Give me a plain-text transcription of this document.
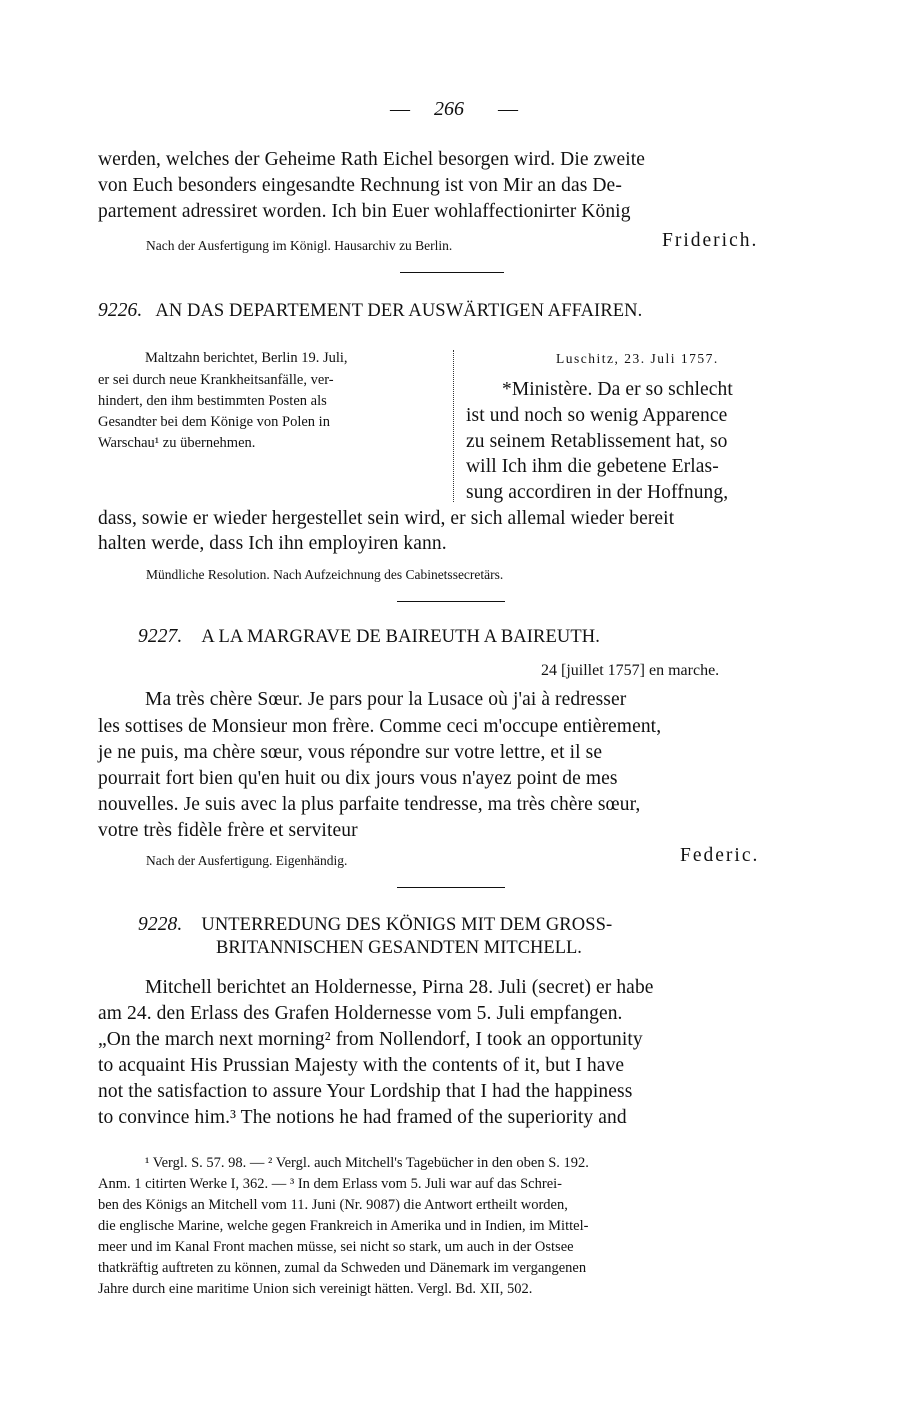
— 266 —
werden, welches der Geheime Rath Eichel besorgen wird. Die zweite
von Euch besonders eingesandte Rechnung ist von Mir an das De-
partement adressiret worden. Ich bin Euer wohlaffectionirter König
Nach der Ausfertigung im Königl. Hausarchiv zu Berlin.	Friderich.
9226. AN DAS DEPARTEMENT DER AUSWÄRTIGEN AFFAIREN.
Maltzahn berichtet, Berlin 19. Juli,
er sei durch neue Krankheitsanfälle, ver-
hindert, den ihm bestimmten Posten als
Gesandter bei dem Könige von Polen in
Warschau¹ zu übernehmen.
Luschitz, 23. Juli 1757.
*Ministère. Da er so schlecht
ist und noch so wenig Apparence
zu seinem Retablissement hat, so
will Ich ihm die gebetene Erlas-
sung accordiren in der Hoffnung,
dass, sowie er wieder hergestellet sein wird, er sich allemal wieder bereit
halten werde, dass Ich ihn employiren kann.
Mündliche Resolution. Nach Aufzeichnung des Cabinetssecretärs.
9227. A LA MARGRAVE DE BAIREUTH A BAIREUTH.
24 [juillet 1757] en marche.
Ma très chère Sœur. Je pars pour la Lusace où j'ai à redresser
les sottises de Monsieur mon frère. Comme ceci m'occupe entièrement,
je ne puis, ma chère sœur, vous répondre sur votre lettre, et il se
pourrait fort bien qu'en huit ou dix jours vous n'ayez point de mes
nouvelles. Je suis avec la plus parfaite tendresse, ma très chère sœur,
votre très fidèle frère et serviteur
Nach der Ausfertigung. Eigenhändig.	Federic.
9228. UNTERREDUNG DES KÖNIGS MIT DEM GROSS-
BRITANNISCHEN GESANDTEN MITCHELL.
Mitchell berichtet an Holdernesse, Pirna 28. Juli (secret) er habe
am 24. den Erlass des Grafen Holdernesse vom 5. Juli empfangen.
„On the march next morning² from Nollendorf, I took an opportunity
to acquaint His Prussian Majesty with the contents of it, but I have
not the satisfaction to assure Your Lordship that I had the happiness
to convince him.³ The notions he had framed of the superiority and
¹ Vergl. S. 57. 98. — ² Vergl. auch Mitchell's Tagebücher in den oben S. 192.
Anm. 1 citirten Werke I, 362. — ³ In dem Erlass vom 5. Juli war auf das Schrei-
ben des Königs an Mitchell vom 11. Juni (Nr. 9087) die Antwort ertheilt worden,
die englische Marine, welche gegen Frankreich in Amerika und in Indien, im Mittel-
meer und im Kanal Front machen müsse, sei nicht so stark, um auch in der Ostsee
thatkräftig auftreten zu können, zumal da Schweden und Dänemark im vergangenen
Jahre durch eine maritime Union sich vereinigt hätten. Vergl. Bd. XII, 502.
